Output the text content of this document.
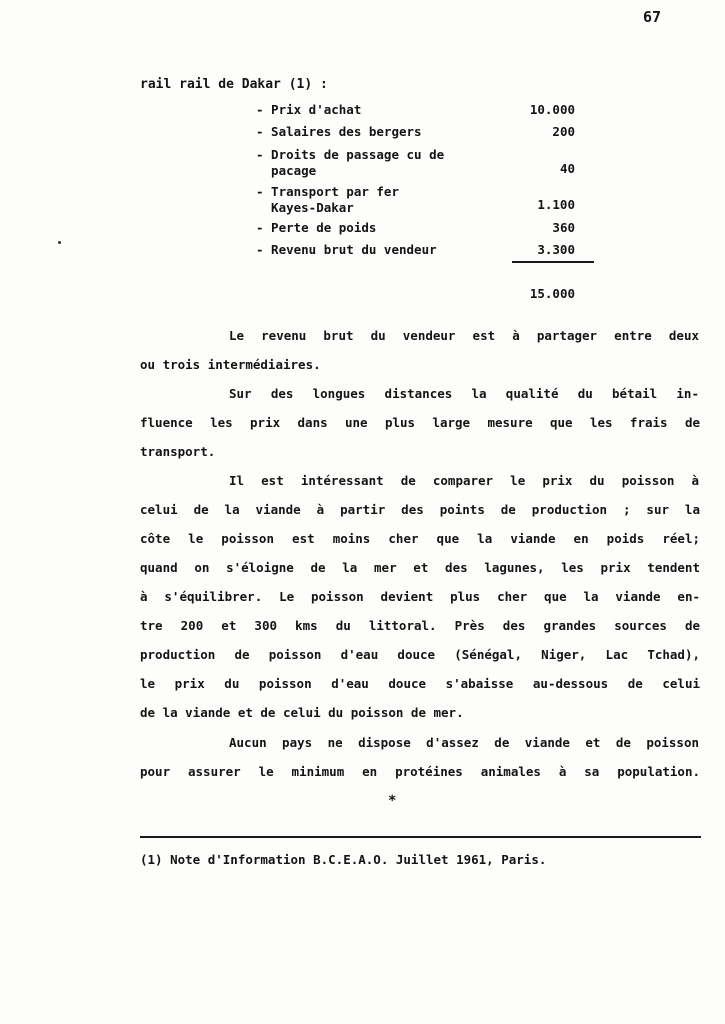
67
rail rail de Dakar (1) :
- Prix d'achat	10.000
- Salaires des bergers	200
- Droits de passage cu de
pacage	40
- Transport par fer
Kayes-Dakar	1.100
- Perte de poids	360
- Revenu brut du vendeur	3.300
15.000
Le revenu brut du vendeur est à partager entre deux
ou trois intermédiaires.
Sur des longues distances la qualité du bétail in-
fluence les prix dans une plus large mesure que les frais de
transport.
Il est intéressant de comparer le prix du poisson à
celui de la viande à partir des points de production ; sur la
côte le poisson est moins cher que la viande en poids réel;
quand on s'éloigne de la mer et des lagunes, les prix tendent
à s'équilibrer. Le poisson devient plus cher que la viande en-
tre 200 et 300 kms du littoral. Près des grandes sources de
production de poisson d'eau douce (Sénégal, Niger, Lac Tchad),
le prix du poisson d'eau douce s'abaisse au-dessous de celui
de la viande et de celui du poisson de mer.
Aucun pays ne dispose d'assez de viande et de poisson
pour assurer le minimum en protéines animales à sa population.
*
(1) Note d'Information B.C.E.A.O. Juillet 1961, Paris.
